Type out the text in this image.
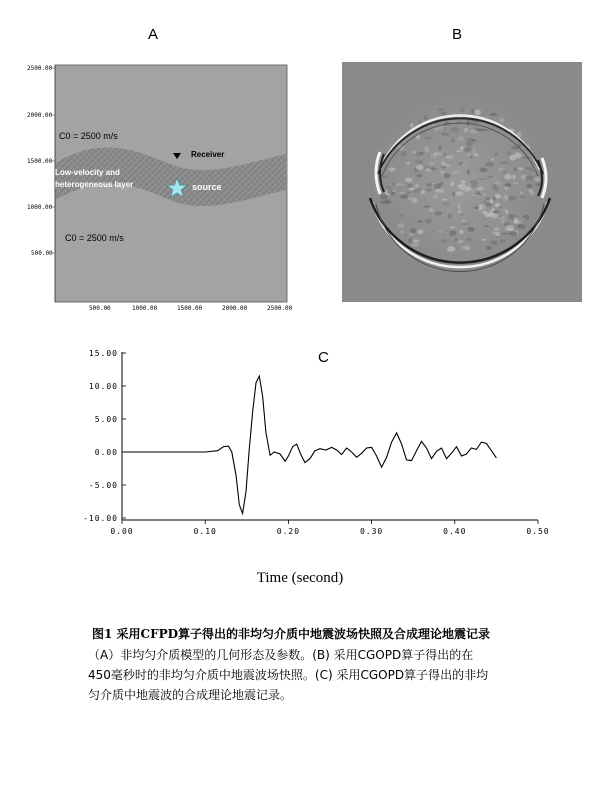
A	B
2500.00
2000.00
1500.00
1000.00
500.00
500.00	1000.00	1500.00	2000.00	2500.00
C0 = 2500 m/s
C0 = 2500 m/s
Low-velocity and
heterogeneous layer
Receiver
source
C
15.00
10.00
5.00
0.00
-5.00
-10.00
0.00	0.10	0.20	0.30	0.40	0.50
Time (second)
图1 采用CFPD算子得出的非均匀介质中地震波场快照及合成理论地震记录
（A）非均匀介质模型的几何形态及参数。(B) 采用CGOPD算子得出的在
450毫秒时的非均匀介质中地震波场快照。(C) 采用CGOPD算子得出的非均
匀介质中地震波的合成理论地震记录。
